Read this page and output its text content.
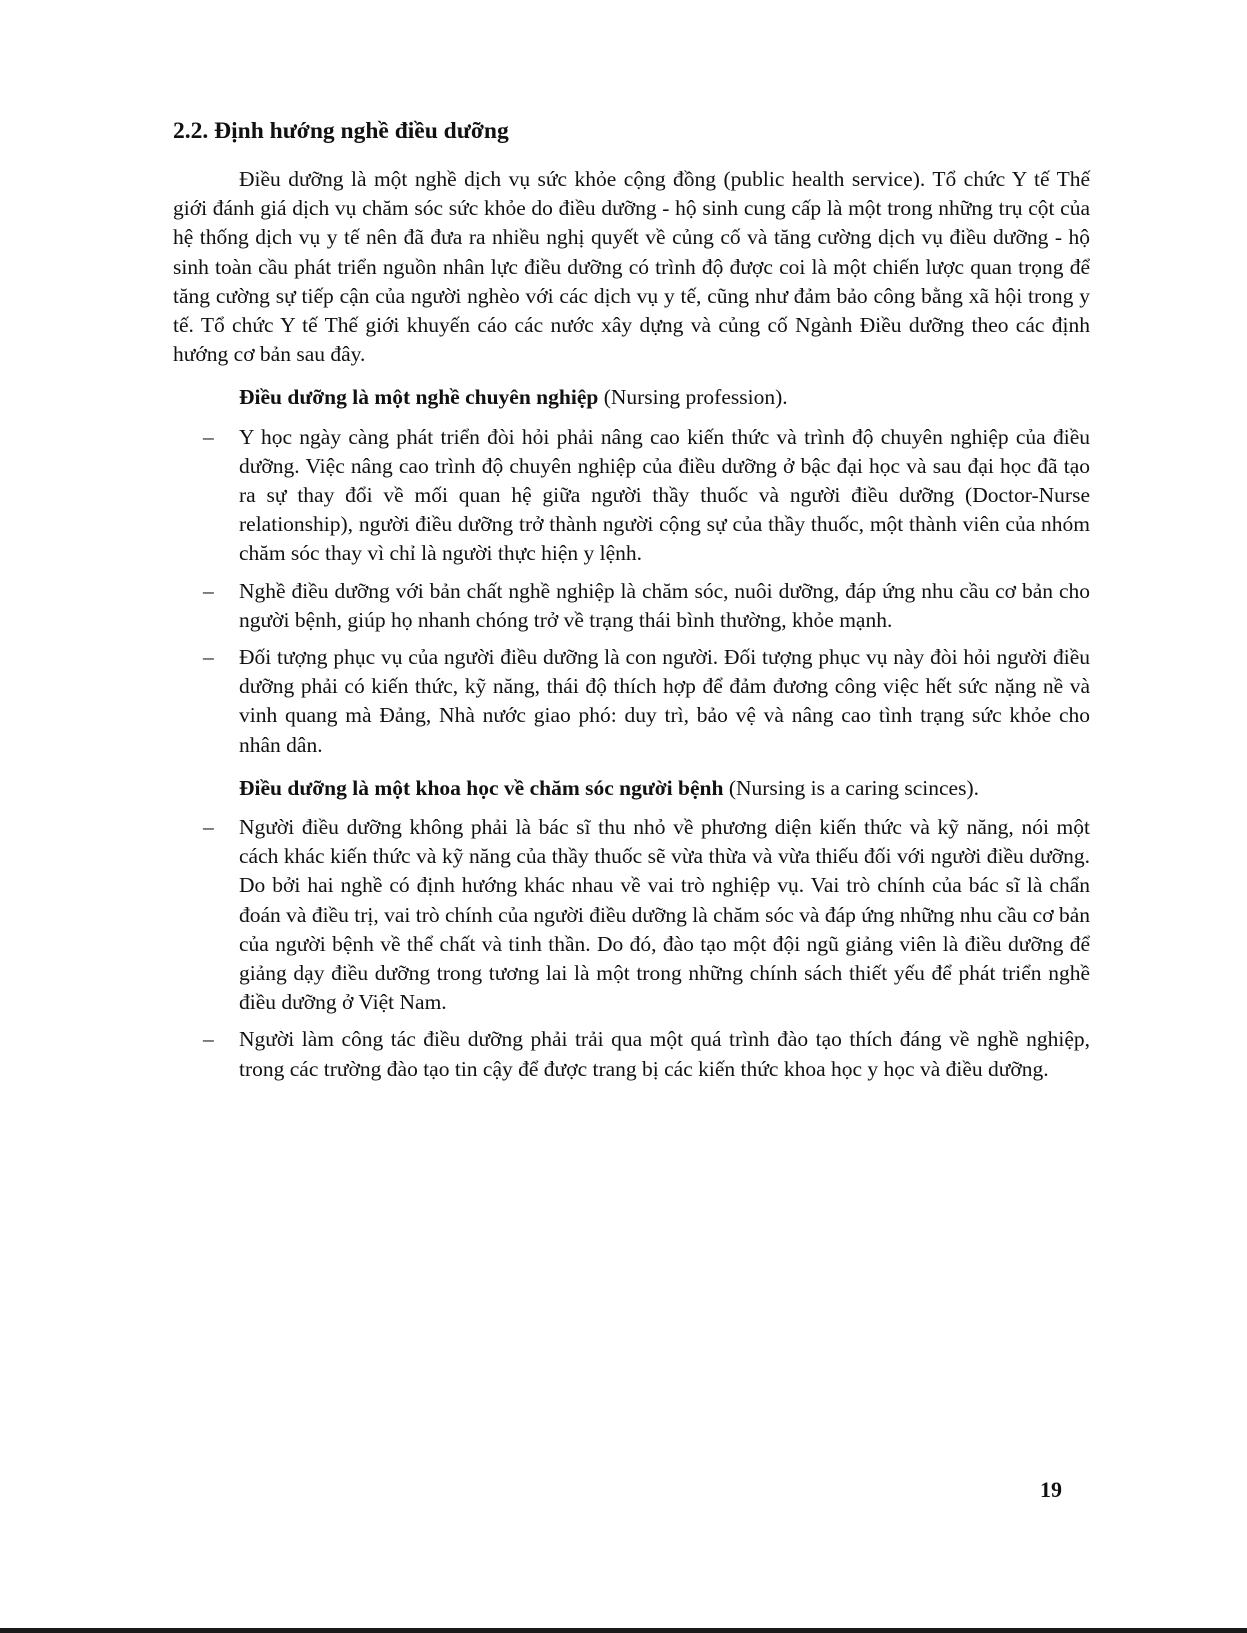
2.2. Định hướng nghề điều dưỡng

Điều dưỡng là một nghề dịch vụ sức khỏe cộng đồng (public health service). Tổ chức Y tế Thế giới đánh giá dịch vụ chăm sóc sức khỏe do điều dưỡng - hộ sinh cung cấp là một trong những trụ cột của hệ thống dịch vụ y tế nên đã đưa ra nhiều nghị quyết về củng cố và tăng cường dịch vụ điều dưỡng - hộ sinh toàn cầu phát triển nguồn nhân lực điều dưỡng có trình độ được coi là một chiến lược quan trọng để tăng cường sự tiếp cận của người nghèo với các dịch vụ y tế, cũng như đảm bảo công bằng xã hội trong y tế. Tổ chức Y tế Thế giới khuyến cáo các nước xây dựng và củng cố Ngành Điều dưỡng theo các định hướng cơ bản sau đây.

Điều dưỡng là một nghề chuyên nghiệp (Nursing profession).

– Y học ngày càng phát triển đòi hỏi phải nâng cao kiến thức và trình độ chuyên nghiệp của điều dưỡng. Việc nâng cao trình độ chuyên nghiệp của điều dưỡng ở bậc đại học và sau đại học đã tạo ra sự thay đổi về mối quan hệ giữa người thầy thuốc và người điều dưỡng (Doctor-Nurse relationship), người điều dưỡng trở thành người cộng sự của thầy thuốc, một thành viên của nhóm chăm sóc thay vì chỉ là người thực hiện y lệnh.
– Nghề điều dưỡng với bản chất nghề nghiệp là chăm sóc, nuôi dưỡng, đáp ứng nhu cầu cơ bản cho người bệnh, giúp họ nhanh chóng trở về trạng thái bình thường, khỏe mạnh.
– Đối tượng phục vụ của người điều dưỡng là con người. Đối tượng phục vụ này đòi hỏi người điều dưỡng phải có kiến thức, kỹ năng, thái độ thích hợp để đảm đương công việc hết sức nặng nề và vinh quang mà Đảng, Nhà nước giao phó: duy trì, bảo vệ và nâng cao tình trạng sức khỏe cho nhân dân.

Điều dưỡng là một khoa học về chăm sóc người bệnh (Nursing is a caring scinces).

– Người điều dưỡng không phải là bác sĩ thu nhỏ về phương diện kiến thức và kỹ năng, nói một cách khác kiến thức và kỹ năng của thầy thuốc sẽ vừa thừa và vừa thiếu đối với người điều dưỡng. Do bởi hai nghề có định hướng khác nhau về vai trò nghiệp vụ. Vai trò chính của bác sĩ là chẩn đoán và điều trị, vai trò chính của người điều dưỡng là chăm sóc và đáp ứng những nhu cầu cơ bản của người bệnh về thể chất và tinh thần. Do đó, đào tạo một đội ngũ giảng viên là điều dưỡng để giảng dạy điều dưỡng trong tương lai là một trong những chính sách thiết yếu để phát triển nghề điều dưỡng ở Việt Nam.
– Người làm công tác điều dưỡng phải trải qua một quá trình đào tạo thích đáng về nghề nghiệp, trong các trường đào tạo tin cậy để được trang bị các kiến thức khoa học y học và điều dưỡng.
19
